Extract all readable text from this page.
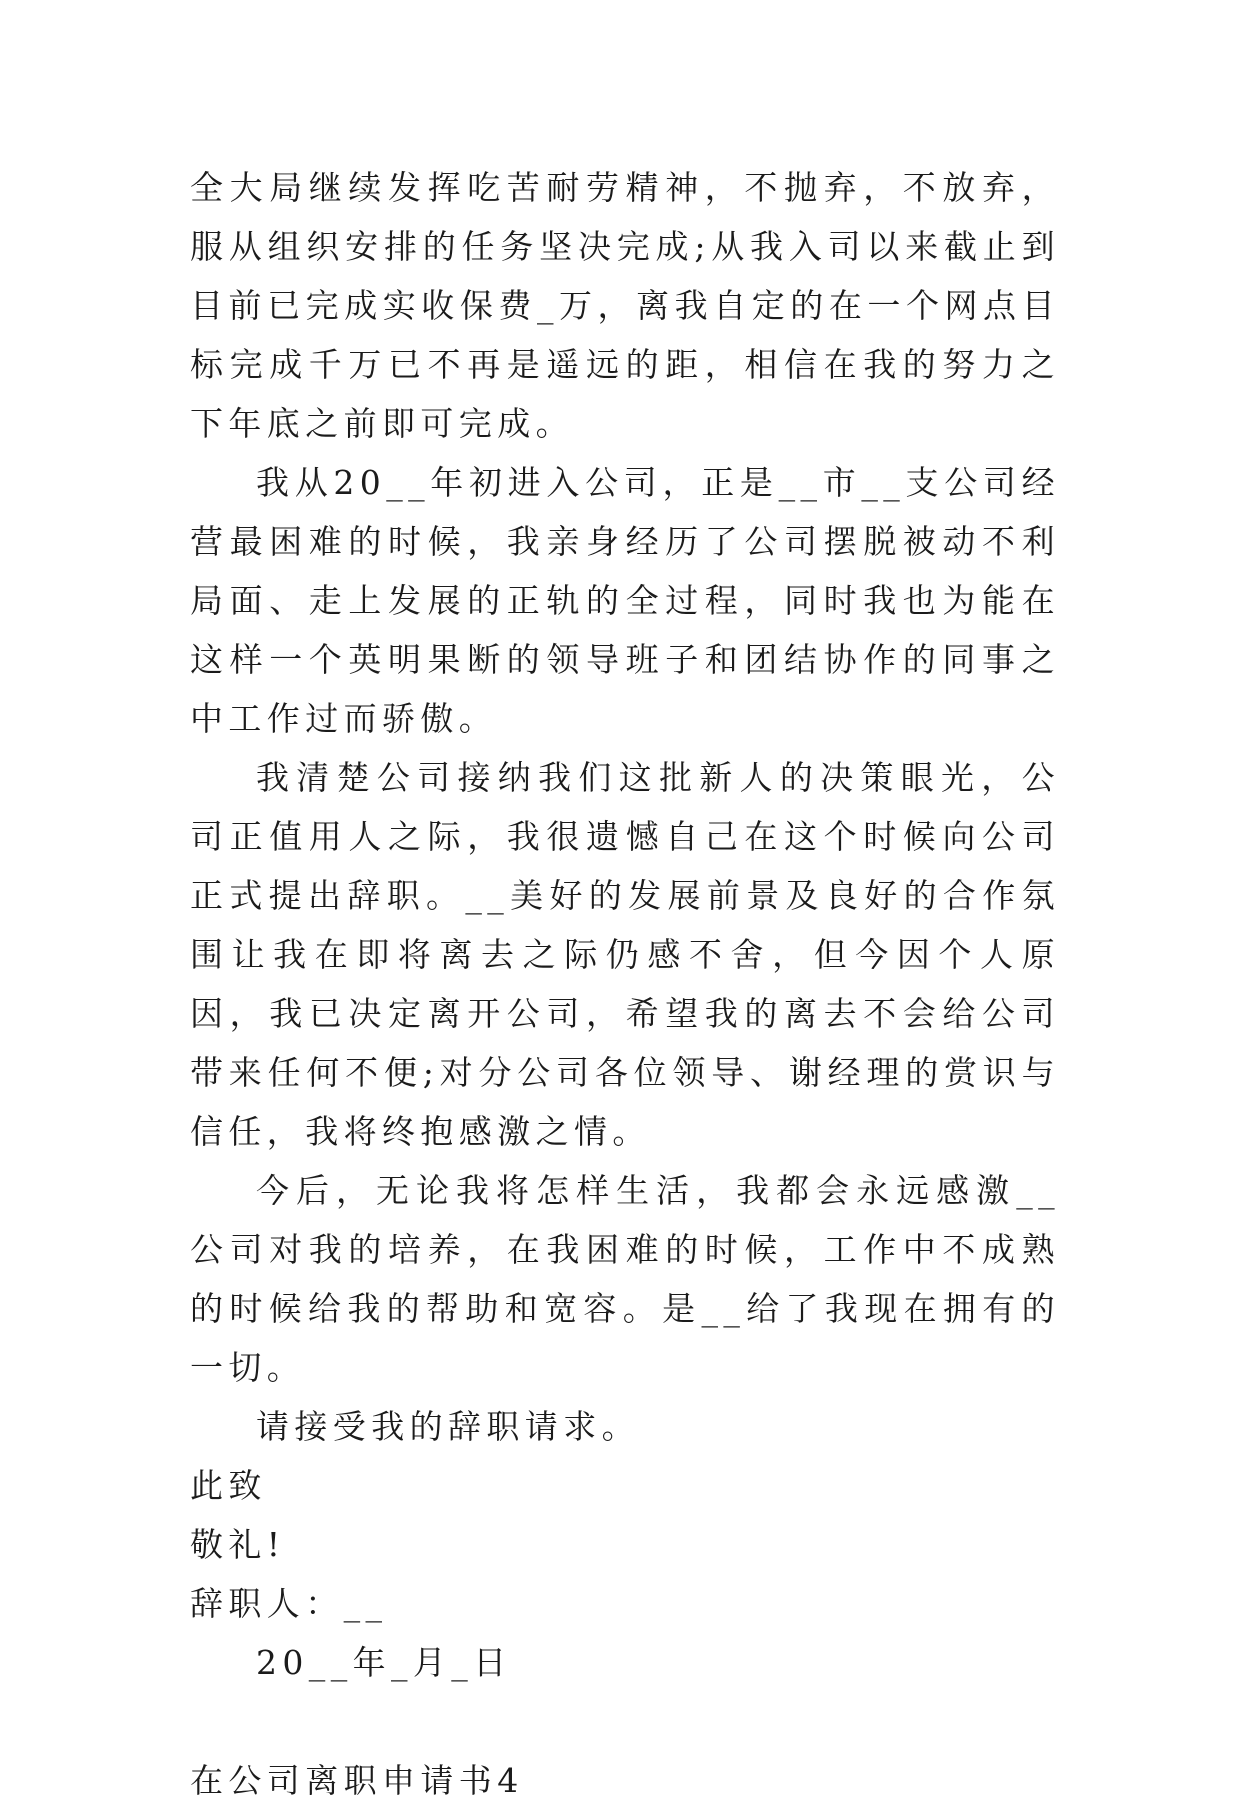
全大局继续发挥吃苦耐劳精神，不抛弃，不放弃，服从组织安排的任务坚决完成;从我入司以来截止到目前已完成实收保费_万，离我自定的在一个网点目标完成千万已不再是遥远的距，相信在我的努力之下年底之前即可完成。

我从20__年初进入公司，正是__市__支公司经营最困难的时候，我亲身经历了公司摆脱被动不利局面、走上发展的正轨的全过程，同时我也为能在这样一个英明果断的领导班子和团结协作的同事之中工作过而骄傲。

我清楚公司接纳我们这批新人的决策眼光，公司正值用人之际，我很遗憾自己在这个时候向公司正式提出辞职。__美好的发展前景及良好的合作氛围让我在即将离去之际仍感不舍，但今因个人原因，我已决定离开公司，希望我的离去不会给公司带来任何不便;对分公司各位领导、谢经理的赏识与信任，我将终抱感激之情。

今后，无论我将怎样生活，我都会永远感激__公司对我的培养，在我困难的时候，工作中不成熟的时候给我的帮助和宽容。是__给了我现在拥有的一切。

请接受我的辞职请求。

此致

敬礼!

辞职人：__

20__年_月_日

在公司离职申请书4
